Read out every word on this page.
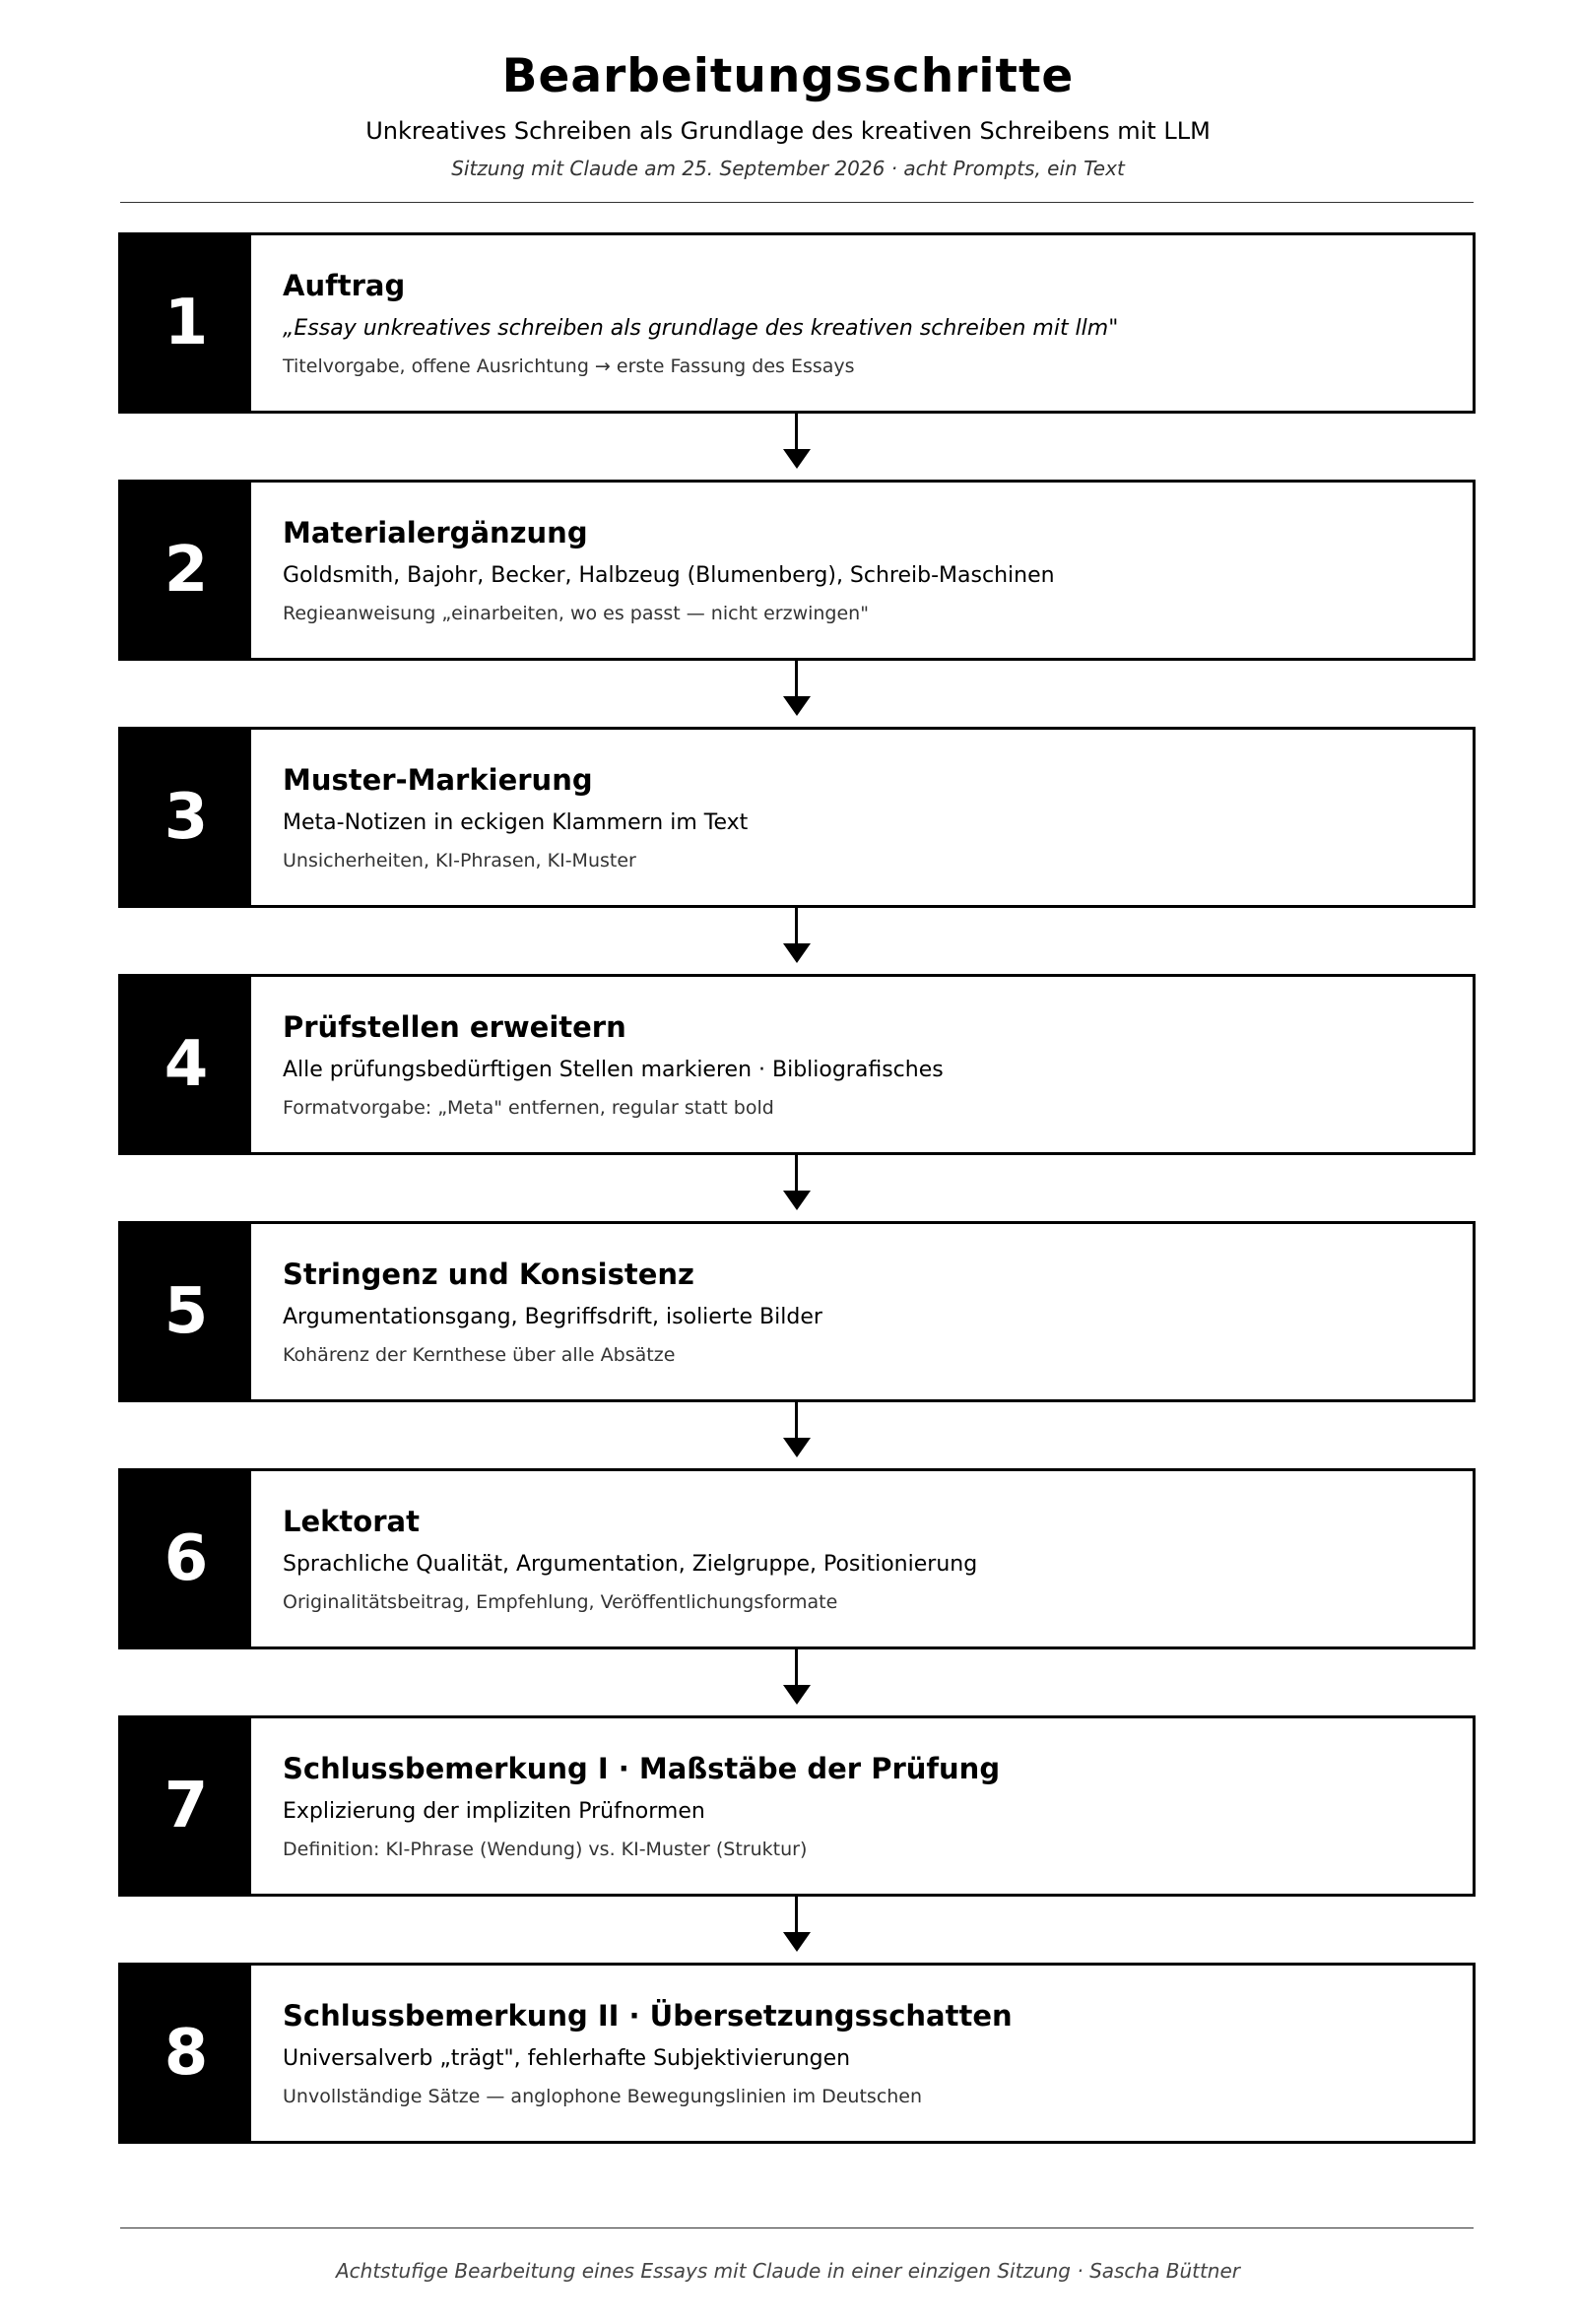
Bearbeitungsschritte
Unkreatives Schreiben als Grundlage des kreativen Schreibens mit LLM
Sitzung mit Claude am 25. September 2026 · acht Prompts, ein Text
1
Auftrag
„Essay unkreatives schreiben als grundlage des kreativen schreiben mit llm"
Titelvorgabe, offene Ausrichtung → erste Fassung des Essays
2
Materialergänzung
Goldsmith, Bajohr, Becker, Halbzeug (Blumenberg), Schreib-Maschinen
Regieanweisung „einarbeiten, wo es passt — nicht erzwingen"
3
Muster-Markierung
Meta-Notizen in eckigen Klammern im Text
Unsicherheiten, KI-Phrasen, KI-Muster
4
Prüfstellen erweitern
Alle prüfungsbedürftigen Stellen markieren · Bibliografisches
Formatvorgabe: „Meta" entfernen, regular statt bold
5
Stringenz und Konsistenz
Argumentationsgang, Begriffsdrift, isolierte Bilder
Kohärenz der Kernthese über alle Absätze
6
Lektorat
Sprachliche Qualität, Argumentation, Zielgruppe, Positionierung
Originalitätsbeitrag, Empfehlung, Veröffentlichungsformate
7
Schlussbemerkung I · Maßstäbe der Prüfung
Explizierung der impliziten Prüfnormen
Definition: KI-Phrase (Wendung) vs. KI-Muster (Struktur)
8
Schlussbemerkung II · Übersetzungsschatten
Universalverb „trägt", fehlerhafte Subjektivierungen
Unvollständige Sätze — anglophone Bewegungslinien im Deutschen
Achtstufige Bearbeitung eines Essays mit Claude in einer einzigen Sitzung · Sascha Büttner
